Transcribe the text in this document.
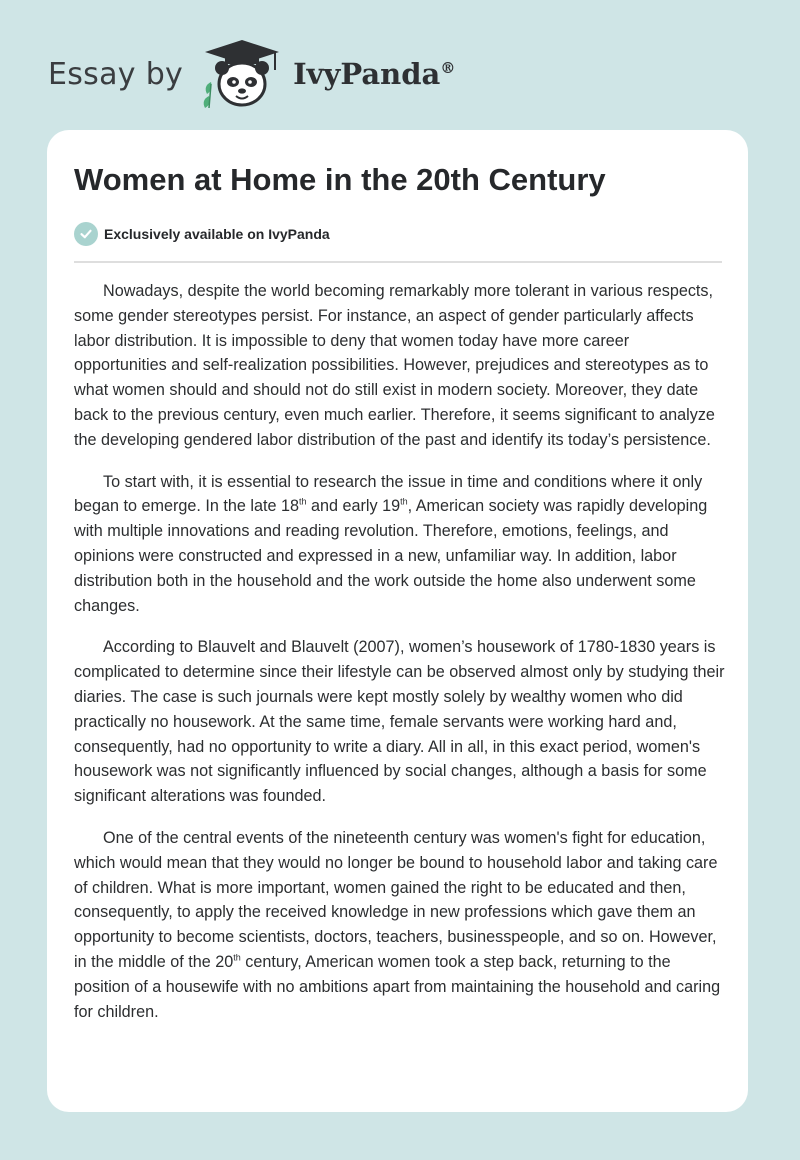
Essay by	IvyPanda®
Women at Home in the 20th Century
Exclusively available on IvyPanda

Nowadays, despite the world becoming remarkably more tolerant in various respects, some gender stereotypes persist. For instance, an aspect of gender particularly affects labor distribution. It is impossible to deny that women today have more career opportunities and self-realization possibilities. However, prejudices and stereotypes as to what women should and should not do still exist in modern society. Moreover, they date back to the previous century, even much earlier. Therefore, it seems significant to analyze the developing gendered labor distribution of the past and identify its today’s persistence.

To start with, it is essential to research the issue in time and conditions where it only began to emerge. In the late 18th and early 19th, American society was rapidly developing with multiple innovations and reading revolution. Therefore, emotions, feelings, and opinions were constructed and expressed in a new, unfamiliar way. In addition, labor distribution both in the household and the work outside the home also underwent some changes.

According to Blauvelt and Blauvelt (2007), women’s housework of 1780-1830 years is complicated to determine since their lifestyle can be observed almost only by studying their diaries. The case is such journals were kept mostly solely by wealthy women who did practically no housework. At the same time, female servants were working hard and, consequently, had no opportunity to write a diary. All in all, in this exact period, women's housework was not significantly influenced by social changes, although a basis for some significant alterations was founded.

One of the central events of the nineteenth century was women's fight for education, which would mean that they would no longer be bound to household labor and taking care of children. What is more important, women gained the right to be educated and then, consequently, to apply the received knowledge in new professions which gave them an opportunity to become scientists, doctors, teachers, businesspeople, and so on. However, in the middle of the 20th century, American women took a step back, returning to the position of a housewife with no ambitions apart from maintaining the household and caring for children.
